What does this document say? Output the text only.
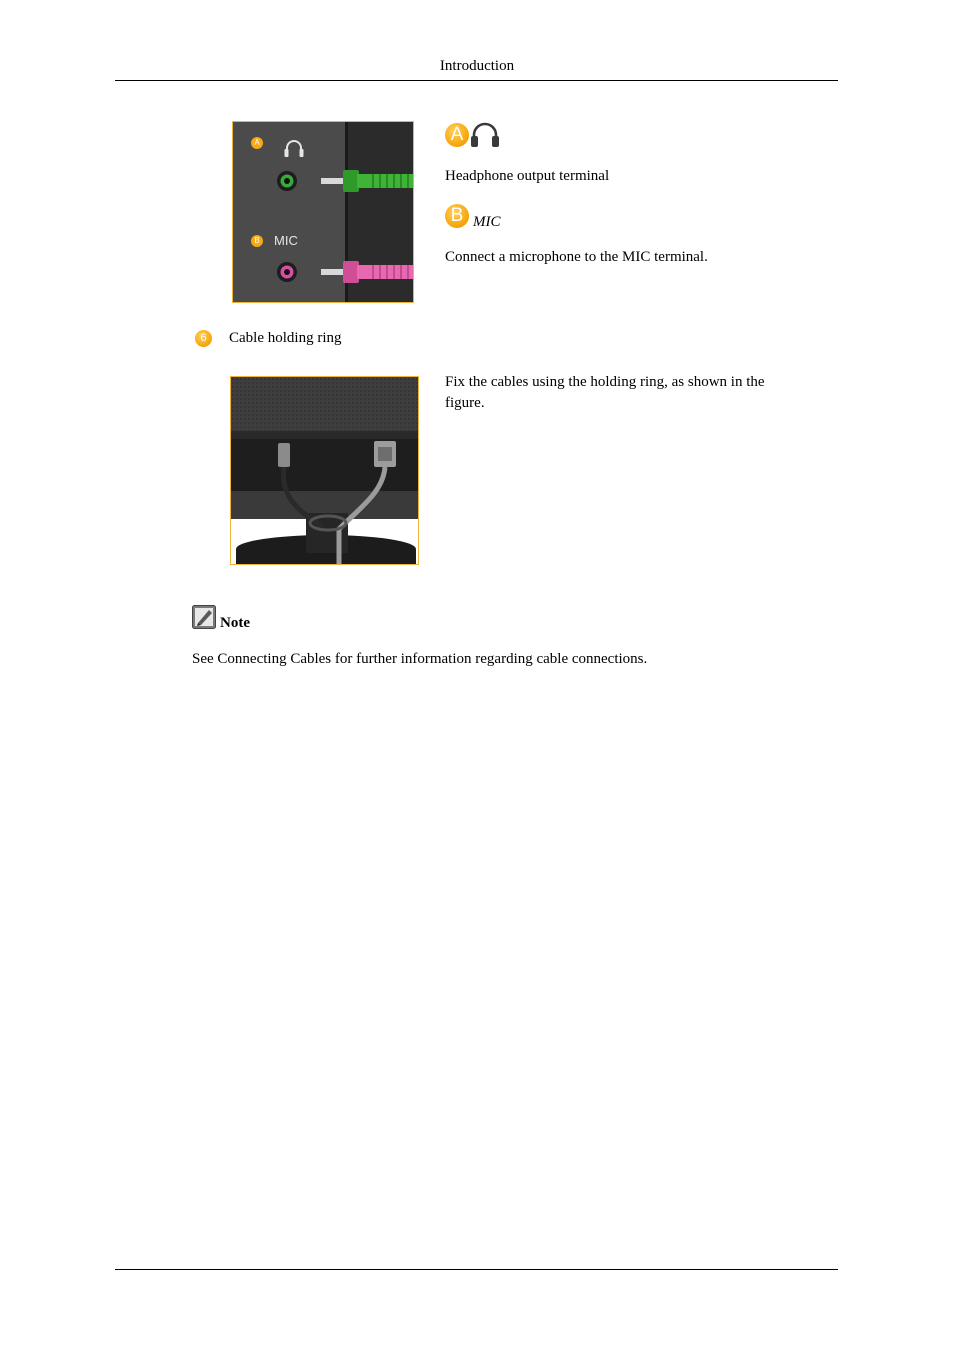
Introduction
A
B MIC
A
Headphone output terminal
B MIC
Connect a microphone to the MIC terminal.
6	Cable holding ring
Fix the cables using the holding ring, as shown in the figure.
Note
See Connecting Cables for further information regarding cable connections.
